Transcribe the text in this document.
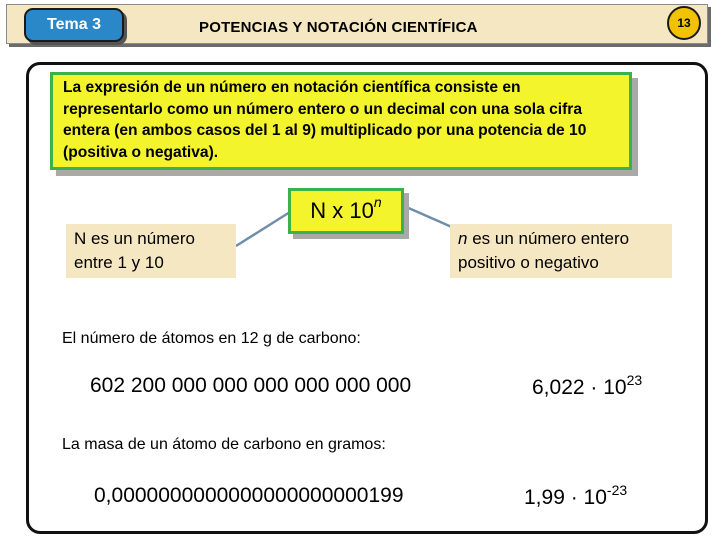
POTENCIAS Y NOTACIÓN CIENTÍFICA
Tema 3	13
La expresión de un número en notación científica consiste en representarlo como un número entero o un decimal con una sola cifra entera (en ambos casos del 1 al 9) multiplicado por una potencia de 10 (positiva o negativa).
N x 10$^n$
N es un número entre 1 y 10
n es un número entero positivo o negativo
El número de átomos en 12 g de carbono:
602 200 000 000 000 000 000 000	$6,022 \cdot 10^{23}$
La masa de un átomo de carbono en gramos:
0,0000000000000000000000199	$1,99 \cdot 10^{-23}$
